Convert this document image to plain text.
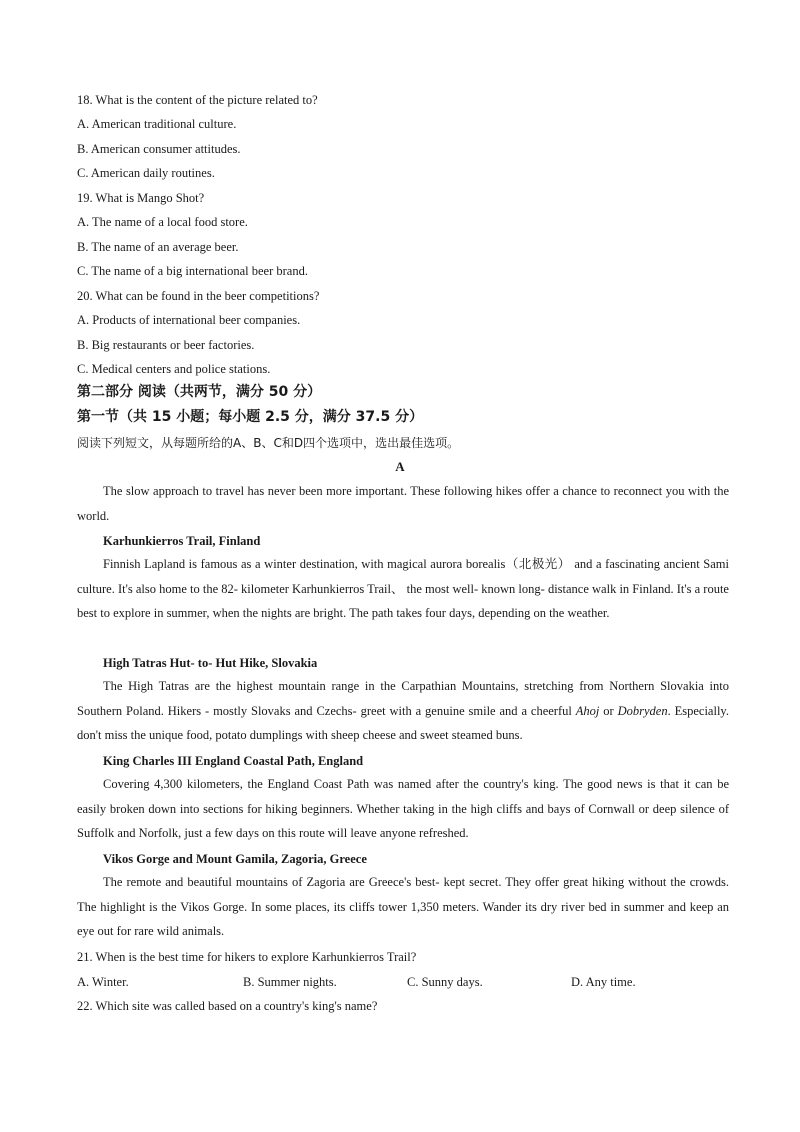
18. What is the content of the picture related to?
A. American traditional culture.
B. American consumer attitudes.
C. American daily routines.
19. What is Mango Shot?
A. The name of a local food store.
B. The name of an average beer.
C. The name of a big international beer brand.
20. What can be found in the beer competitions?
A. Products of international beer companies.
B. Big restaurants or beer factories.
C. Medical centers and police stations.
第二部分 阅读（共两节，满分 50 分）
第一节（共 15 小题；每小题 2.5 分，满分 37.5 分）
阅读下列短文，从每题所给的A、B、C和D四个选项中，选出最佳选项。
A
The slow approach to travel has never been more important. These following hikes offer a chance to reconnect you with the world.
Karhunkierros Trail, Finland
Finnish Lapland is famous as a winter destination, with magical aurora borealis（北极光） and a fascinating ancient Sami culture. It's also home to the 82- kilometer Karhunkierros Trail、 the most well- known long- distance walk in Finland. It's a route best to explore in summer, when the nights are bright. The path takes four days, depending on the weather.
High Tatras Hut- to- Hut Hike, Slovakia
The High Tatras are the highest mountain range in the Carpathian Mountains, stretching from Northern Slovakia into Southern Poland. Hikers - mostly Slovaks and Czechs- greet with a genuine smile and a cheerful Ahoj or Dobryden. Especially. don't miss the unique food, potato dumplings with sheep cheese and sweet steamed buns.
King Charles III England Coastal Path, England
Covering 4,300 kilometers, the England Coast Path was named after the country's king. The good news is that it can be easily broken down into sections for hiking beginners. Whether taking in the high cliffs and bays of Cornwall or deep silence of Suffolk and Norfolk, just a few days on this route will leave anyone refreshed.
Vikos Gorge and Mount Gamila, Zagoria, Greece
The remote and beautiful mountains of Zagoria are Greece's best- kept secret. They offer great hiking without the crowds. The highlight is the Vikos Gorge. In some places, its cliffs tower 1,350 meters. Wander its dry river bed in summer and keep an eye out for rare wild animals.
21. When is the best time for hikers to explore Karhunkierros Trail?
A. Winter.	B. Summer nights.	C. Sunny days.	D. Any time.
22. Which site was called based on a country's king's name?
